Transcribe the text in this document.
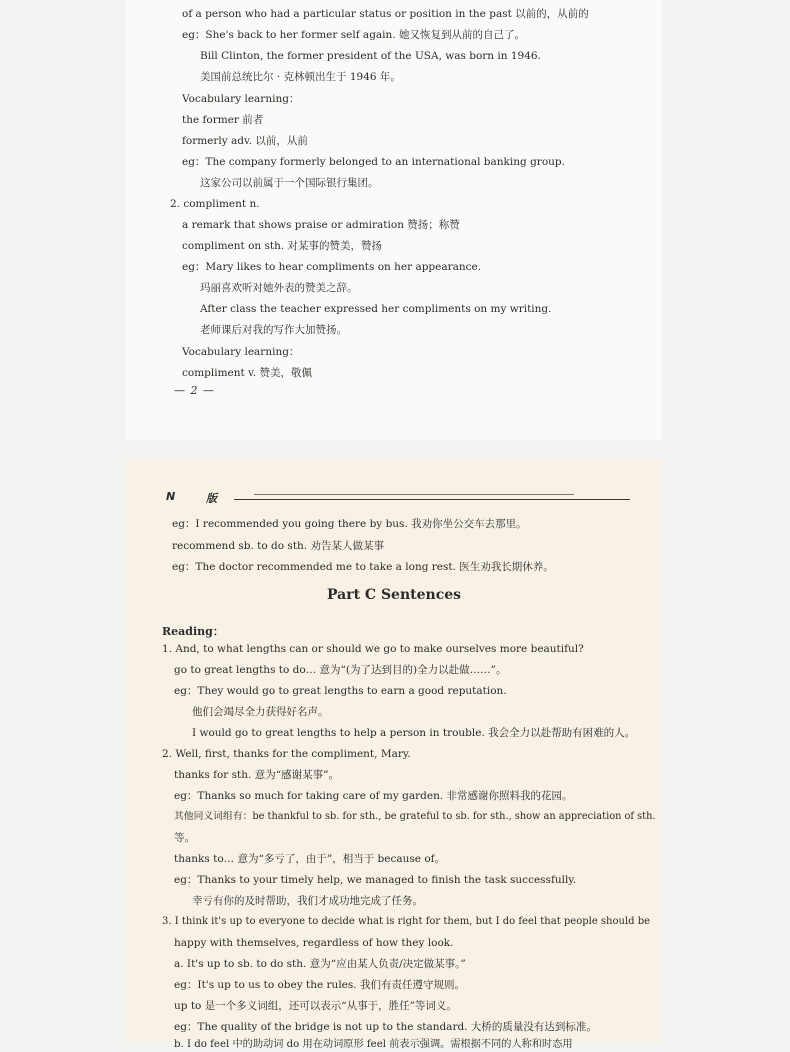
of a person who had a particular status or position in the past 以前的，从前的
eg：She's back to her former self again. 她又恢复到从前的自己了。
Bill Clinton, the former president of the USA, was born in 1946.
美国前总统比尔 · 克林顿出生于 1946 年。
Vocabulary learning：
the former 前者
formerly adv. 以前，从前
eg：The company formerly belonged to an international banking group.
这家公司以前属于一个国际银行集团。
2. compliment n.
a remark that shows praise or admiration 赞扬；称赞
compliment on sth. 对某事的赞美，赞扬
eg：Mary likes to hear compliments on her appearance.
玛丽喜欢听对她外表的赞美之辞。
After class the teacher expressed her compliments on my writing.
老师课后对我的写作大加赞扬。
Vocabulary learning：
compliment v. 赞美，敬佩
— 2 —
N	版
eg：I recommended you going there by bus. 我劝你坐公交车去那里。
recommend sb. to do sth. 劝告某人做某事
eg：The doctor recommended me to take a long rest. 医生劝我长期休养。
Part C Sentences
Reading：
1. And, to what lengths can or should we go to make ourselves more beautiful?
go to great lengths to do… 意为“(为了达到目的)全力以赴做……”。
eg：They would go to great lengths to earn a good reputation.
他们会竭尽全力获得好名声。
I would go to great lengths to help a person in trouble. 我会全力以赴帮助有困难的人。
2. Well, first, thanks for the compliment, Mary.
thanks for sth. 意为“感谢某事”。
eg：Thanks so much for taking care of my garden. 非常感谢你照料我的花园。
其他同义词组有：be thankful to sb. for sth., be grateful to sb. for sth., show an appreciation of sth.
等。
thanks to… 意为“多亏了，由于”，相当于 because of。
eg：Thanks to your timely help, we managed to finish the task successfully.
幸亏有你的及时帮助，我们才成功地完成了任务。
3. I think it's up to everyone to decide what is right for them, but I do feel that people should be
happy with themselves, regardless of how they look.
a. It's up to sb. to do sth. 意为“应由某人负责/决定做某事。”
eg：It's up to us to obey the rules. 我们有责任遵守规则。
up to 是一个多义词组，还可以表示“从事于，胜任”等词义。
eg：The quality of the bridge is not up to the standard. 大桥的质量没有达到标准。
b. I do feel 中的助动词 do 用在动词原形 feel 前表示强调。需根据不同的人称和时态用
